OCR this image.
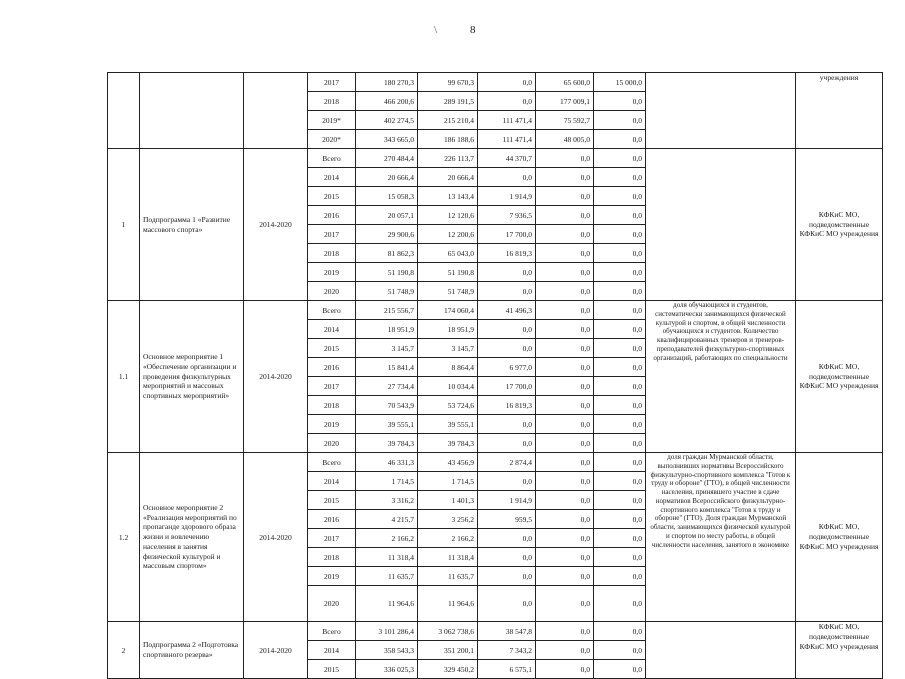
\	8
			2017	180 270,3	99 670,3	0,0	65 600,0	15 000,0		учреждения
			2018	466 200,6	289 191,5	0,0	177 009,1	0,0		
			2019*	402 274,5	215 210,4	111 471,4	75 592,7	0,0		
			2020*	343 665,0	186 188,6	111 471,4	48 005,0	0,0		
1	Подпрограмма 1 «Развитие массового спорта»	2014-2020	Всего	270 484,4	226 113,7	44 370,7	0,0	0,0		КФКиС МО, подведомственные КФКиС МО учреждения
			2014	20 666,4	20 666,4	0,0	0,0	0,0		
			2015	15 058,3	13 143,4	1 914,9	0,0	0,0		
			2016	20 057,1	12 120,6	7 936,5	0,0	0,0		
			2017	29 900,6	12 200,6	17 700,0	0,0	0,0		
			2018	81 862,3	65 043,0	16 819,3	0,0	0,0		
			2019	51 190,8	51 190,8	0,0	0,0	0,0		
			2020	51 748,9	51 748,9	0,0	0,0	0,0		
1.1	Основное мероприятие 1 «Обеспечение организации и проведения физкультурных мероприятий и массовых спортивных мероприятий»	2014-2020	Всего	215 556,7	174 060,4	41 496,3	0,0	0,0	доля обучающихся и студентов, систематически занимающихся физической культурой и спортом, в общей численности обучающихся и студентов. Количество квалифицированных тренеров и тренеров-преподавателей физкультурно-спортивных организаций, работающих по специальности	КФКиС МО, подведомственные КФКиС МО учреждения
			2014	18 951,9	18 951,9	0,0	0,0	0,0		
			2015	3 145,7	3 145,7	0,0	0,0	0,0		
			2016	15 841,4	8 864,4	6 977,0	0,0	0,0		
			2017	27 734,4	10 034,4	17 700,0	0,0	0,0		
			2018	70 543,9	53 724,6	16 819,3	0,0	0,0		
			2019	39 555,1	39 555,1	0,0	0,0	0,0		
			2020	39 784,3	39 784,3	0,0	0,0	0,0		
1.2	Основное мероприятие 2 «Реализация мероприятий по пропаганде здорового образа жизни и вовлечению населения в занятия физической культурой и массовым спортом»	2014-2020	Всего	46 331,3	43 456,9	2 874,4	0,0	0,0	доля граждан Мурманской области, выполнивших нормативы Всероссийского физкультурно-спортивного комплекса "Готов к труду и обороне" (ГТО), в общей численности населения, принявшего участие в сдаче нормативов Всероссийского физкультурно-спортивного комплекса "Готов к труду и обороне" (ГТО). Доля граждан Мурманской области, занимающихся физической культурой и спортом по месту работы, в общей численности населения, занятого в экономике	КФКиС МО, подведомственные КФКиС МО учреждения
			2014	1 714,5	1 714,5	0,0	0,0	0,0		
			2015	3 316,2	1 401,3	1 914,9	0,0	0,0		
			2016	4 215,7	3 256,2	959,5	0,0	0,0		
			2017	2 166,2	2 166,2	0,0	0,0	0,0		
			2018	11 318,4	11 318,4	0,0	0,0	0,0		
			2019	11 635,7	11 635,7	0,0	0,0	0,0		
			2020	11 964,6	11 964,6	0,0	0,0	0,0		
2	Подпрограмма 2 «Подготовка спортивного резерва»	2014-2020	Всего	3 101 286,4	3 062 738,6	38 547,8	0,0	0,0		КФКиС МО, подведомственные КФКиС МО учреждения
			2014	358 543,3	351 200,1	7 343,2	0,0	0,0		
			2015	336 025,3	329 450,2	6 575,1	0,0	0,0		
